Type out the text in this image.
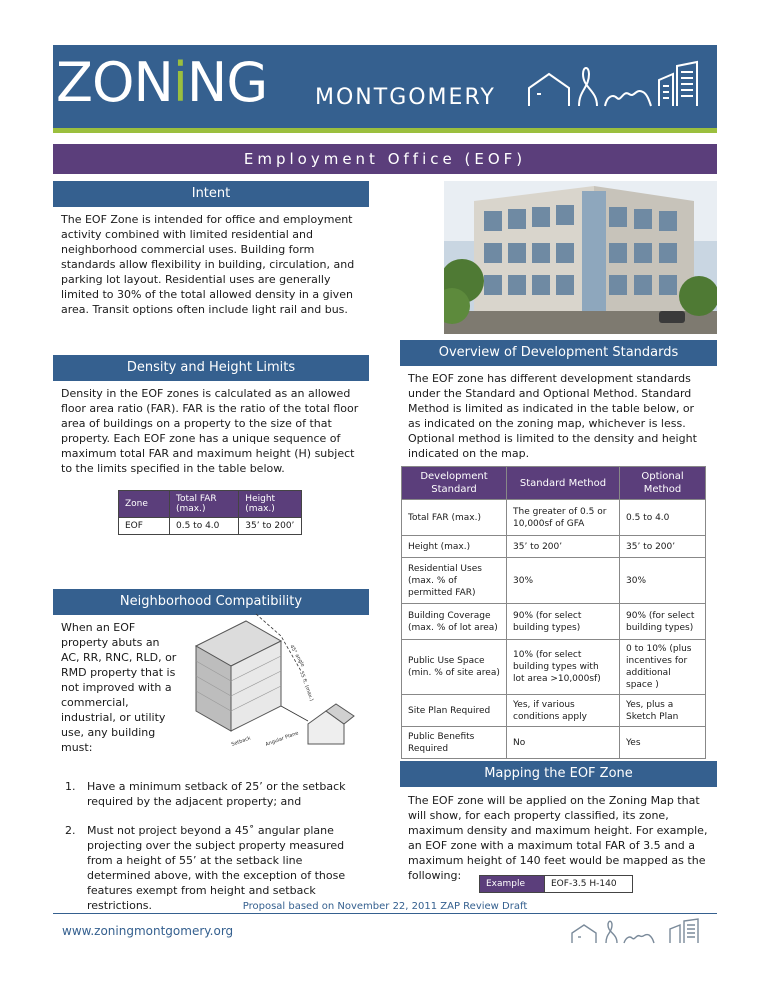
ZONiNG MONTGOMERY
Employment Office (EOF)
Intent
The EOF Zone is intended for office and employment activity combined with limited residential and neighborhood commercial uses. Building form standards allow flexibility in building, circulation, and parking lot layout. Residential uses are generally limited to 30% of the total allowed density in a given area. Transit options often include light rail and bus.
Density and Height Limits
Density in the EOF zones is calculated as an allowed floor area ratio (FAR). FAR is the ratio of the total floor area of buildings on a property to the size of that property. Each EOF zone has a unique sequence of maximum total FAR and maximum height (H) subject to the limits specified in the table below.
Zone	Total FAR (max.)	Height (max.)
EOF	0.5 to 4.0	35’ to 200’
Neighborhood Compatibility
When an EOF property abuts an AC, RR, RNC, RLD, or RMD property that is not improved with a commercial, industrial, or utility use, any building must:
45° angle
55 ft. (max.)
Setback	Angular Plane
1. Have a minimum setback of 25’ or the setback required by the adjacent property; and
2. Must not project beyond a 45˚ angular plane projecting over the subject property measured from a height of 55’ at the setback line determined above, with the exception of those features exempt from height and setback restrictions.
Overview of Development Standards
The EOF zone has different development standards under the Standard and Optional Method. Standard Method is limited as indicated in the table below, or as indicated on the zoning map, whichever is less. Optional method is limited to the density and height indicated on the map.
Development Standard	Standard Method	Optional Method
Total FAR (max.)	The greater of 0.5 or 10,000sf of GFA	0.5 to 4.0
Height (max.)	35’ to 200’	35’ to 200’
Residential Uses (max. % of permitted FAR)	30%	30%
Building Coverage (max. % of lot area)	90% (for select building types)	90% (for select building types)
Public Use Space (min. % of site area)	10% (for select building types with lot area >10,000sf)	0 to 10% (plus incentives for additional space )
Site Plan Required	Yes, if various conditions apply	Yes, plus a Sketch Plan
Public Benefits Required	No	Yes
Mapping the EOF Zone
The EOF zone will be applied on the Zoning Map that will show, for each property classified, its zone, maximum density and maximum height. For example, an EOF zone with a maximum total FAR of 3.5 and a maximum height of 140 feet would be mapped as the following:
Example	EOF-3.5 H-140
Proposal based on November 22, 2011 ZAP Review Draft
www.zoningmontgomery.org
